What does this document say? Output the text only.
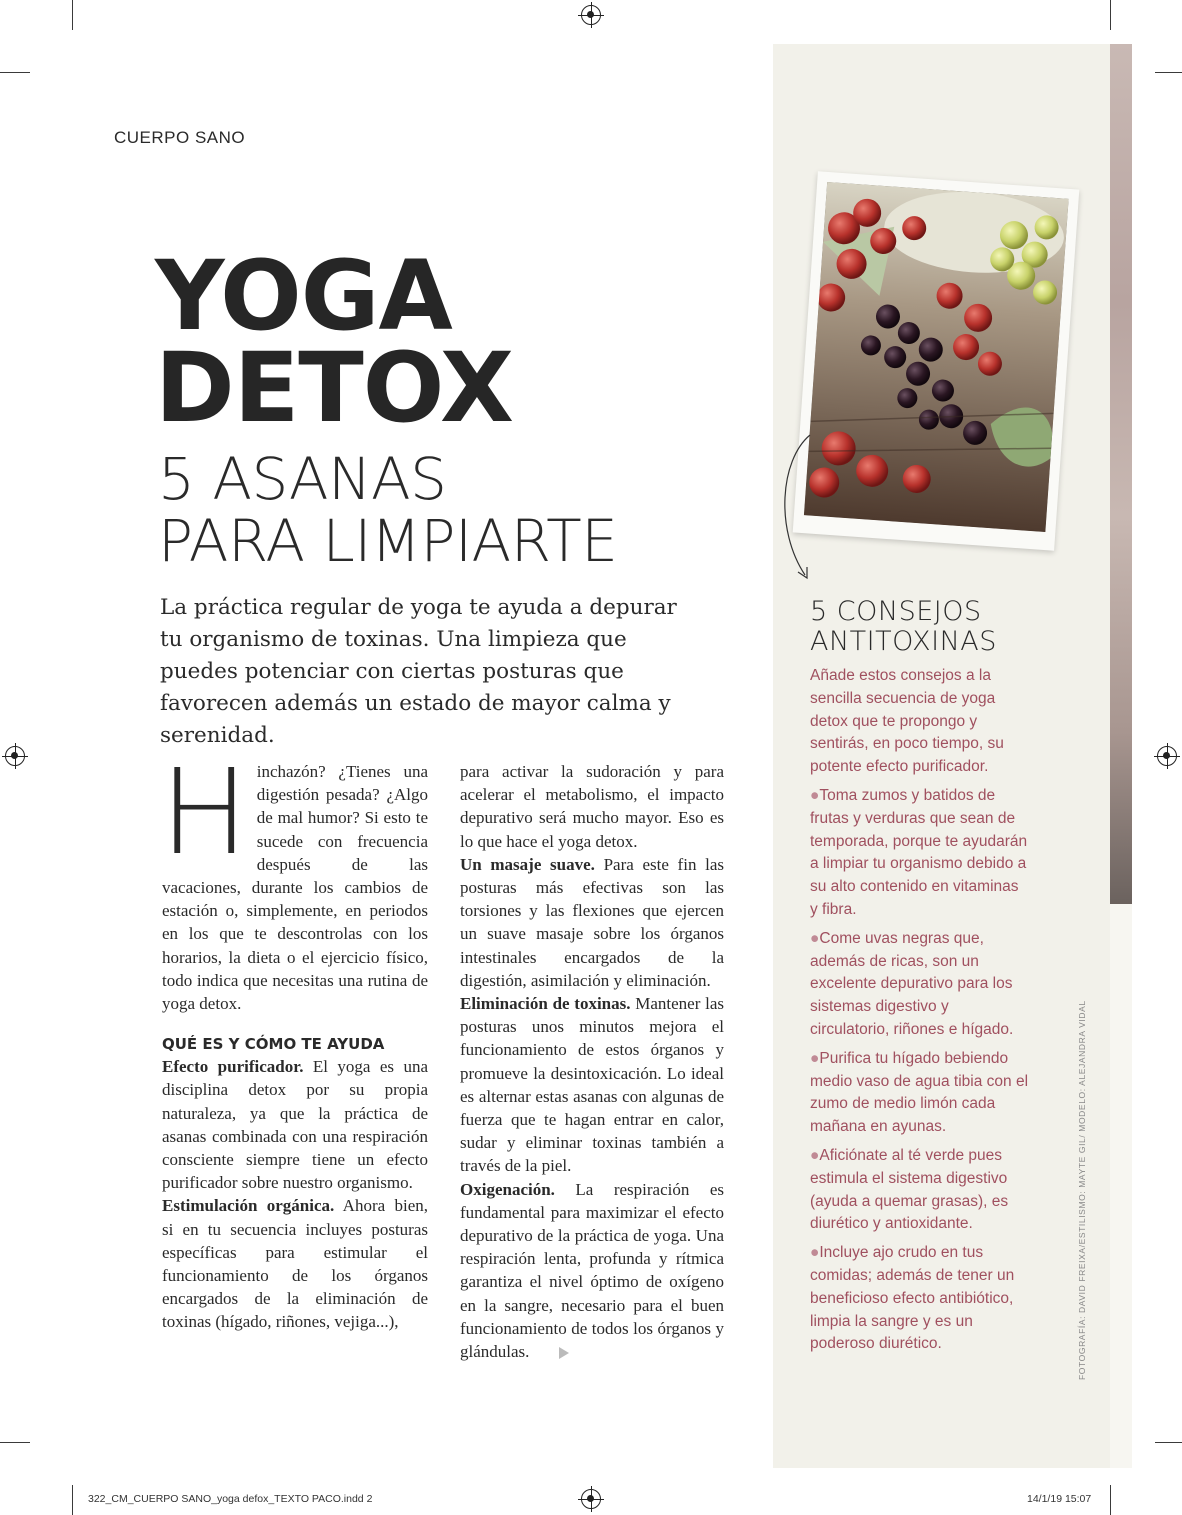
CUERPO SANO
YOGA
DETOX
5 ASANAS
PARA LIMPIARTE
La práctica regular de yoga te ayuda a depurar tu organismo de toxinas. Una limpieza que puedes potenciar con ciertas posturas que favorecen además un estado de mayor calma y serenidad.
H inchazón? ¿Tienes una digestión pesada? ¿Algo de mal humor? Si esto te sucede con frecuencia después de las vacaciones, durante los cambios de estación o, simplemente, en periodos en los que te descontrolas con los horarios, la dieta o el ejercicio físico, todo indica que necesitas una rutina de yoga detox.
QUÉ ES Y CÓMO TE AYUDA
Efecto purificador. El yoga es una disciplina detox por su propia naturaleza, ya que la práctica de asanas combinada con una respiración consciente siempre tiene un efecto purificador sobre nuestro organismo.
Estimulación orgánica. Ahora bien, si en tu secuencia incluyes posturas específicas para estimular el funcionamiento de los órganos encargados de la eliminación de toxinas (hígado, riñones, vejiga...),
para activar la sudoración y para acelerar el metabolismo, el impacto depurativo será mucho mayor. Eso es lo que hace el yoga detox.
Un masaje suave. Para este fin las posturas más efectivas son las torsiones y las flexiones que ejercen un suave masaje sobre los órganos intestinales encargados de la digestión, asimilación y eliminación.
Eliminación de toxinas. Mantener las posturas unos minutos mejora el funcionamiento de estos órganos y promueve la desintoxicación. Lo ideal es alternar estas asanas con algunas de fuerza que te hagan entrar en calor, sudar y eliminar toxinas también a través de la piel.
Oxigenación. La respiración es fundamental para maximizar el efecto depurativo de la práctica de yoga. Una respiración lenta, profunda y rítmica garantiza el nivel óptimo de oxígeno en la sangre, necesario para el buen funcionamiento de todos los órganos y glándulas.
5 CONSEJOS
ANTITOXINAS

Añade estos consejos a la sencilla secuencia de yoga detox que te propongo y sentirás, en poco tiempo, su potente efecto purificador.

●Toma zumos y batidos de frutas y verduras que sean de temporada, porque te ayudarán a limpiar tu organismo debido a su alto contenido en vitaminas y fibra.

●Come uvas negras que, además de ricas, son un excelente depurativo para los sistemas digestivo y circulatorio, riñones e hígado.

●Purifica tu hígado bebiendo medio vaso de agua tibia con el zumo de medio limón cada mañana en ayunas.

●Aficiónate al té verde pues estimula el sistema digestivo (ayuda a quemar grasas), es diurético y antioxidante.

●Incluye ajo crudo en tus comidas; además de tener un beneficioso efecto antibiótico, limpia la sangre y es un poderoso diurético.	FOTOGRAFÍA: DAVID FREIXA/ESTILISMO: MAYTE GIL/ MODELO: ALEJANDRA VIDAL
322_CM_CUERPO SANO_yoga defox_TEXTO PACO.indd 2	14/1/19 15:07
